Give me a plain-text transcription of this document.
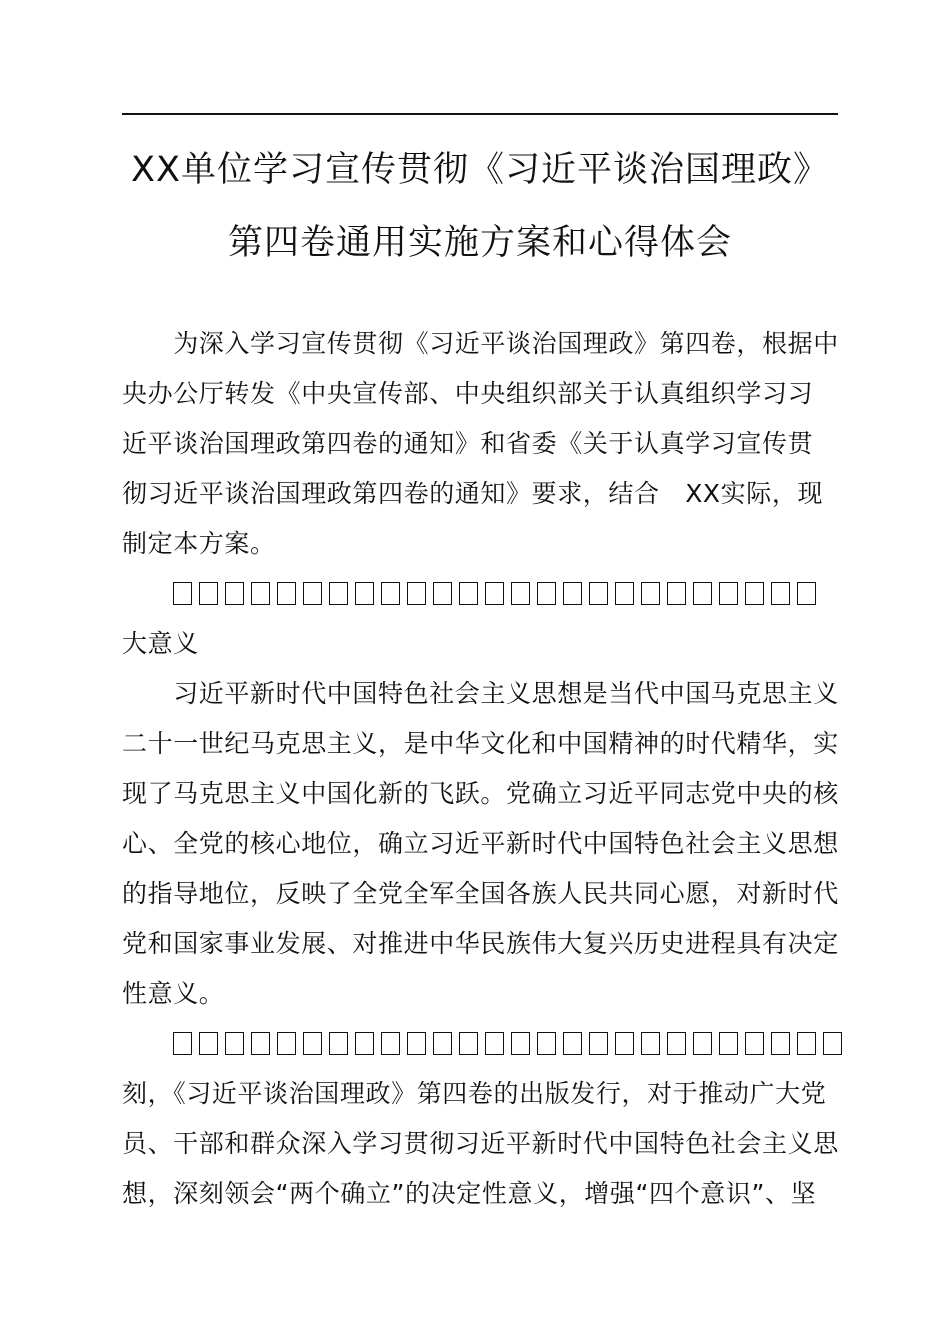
XX单位学习宣传贯彻《习近平谈治国理政》
第四卷通用实施方案和心得体会
　　为深入学习宣传贯彻《习近平谈治国理政》第四卷，根据中
央办公厅转发《中央宣传部、中央组织部关于认真组织学习习
近平谈治国理政第四卷的通知》和省委《关于认真学习宣传贯
彻习近平谈治国理政第四卷的通知》要求，结合　XX实际，现
制定本方案。
大意义
　　习近平新时代中国特色社会主义思想是当代中国马克思主义
二十一世纪马克思主义，是中华文化和中国精神的时代精华，实
现了马克思主义中国化新的飞跃。党确立习近平同志党中央的核
心、全党的核心地位，确立习近平新时代中国特色社会主义思想
的指导地位，反映了全党全军全国各族人民共同心愿，对新时代
党和国家事业发展、对推进中华民族伟大复兴历史进程具有决定
性意义。
刻，《习近平谈治国理政》第四卷的出版发行，对于推动广大党
员、干部和群众深入学习贯彻习近平新时代中国特色社会主义思
想，深刻领会“两个确立”的决定性意义，增强“四个意识”、坚
